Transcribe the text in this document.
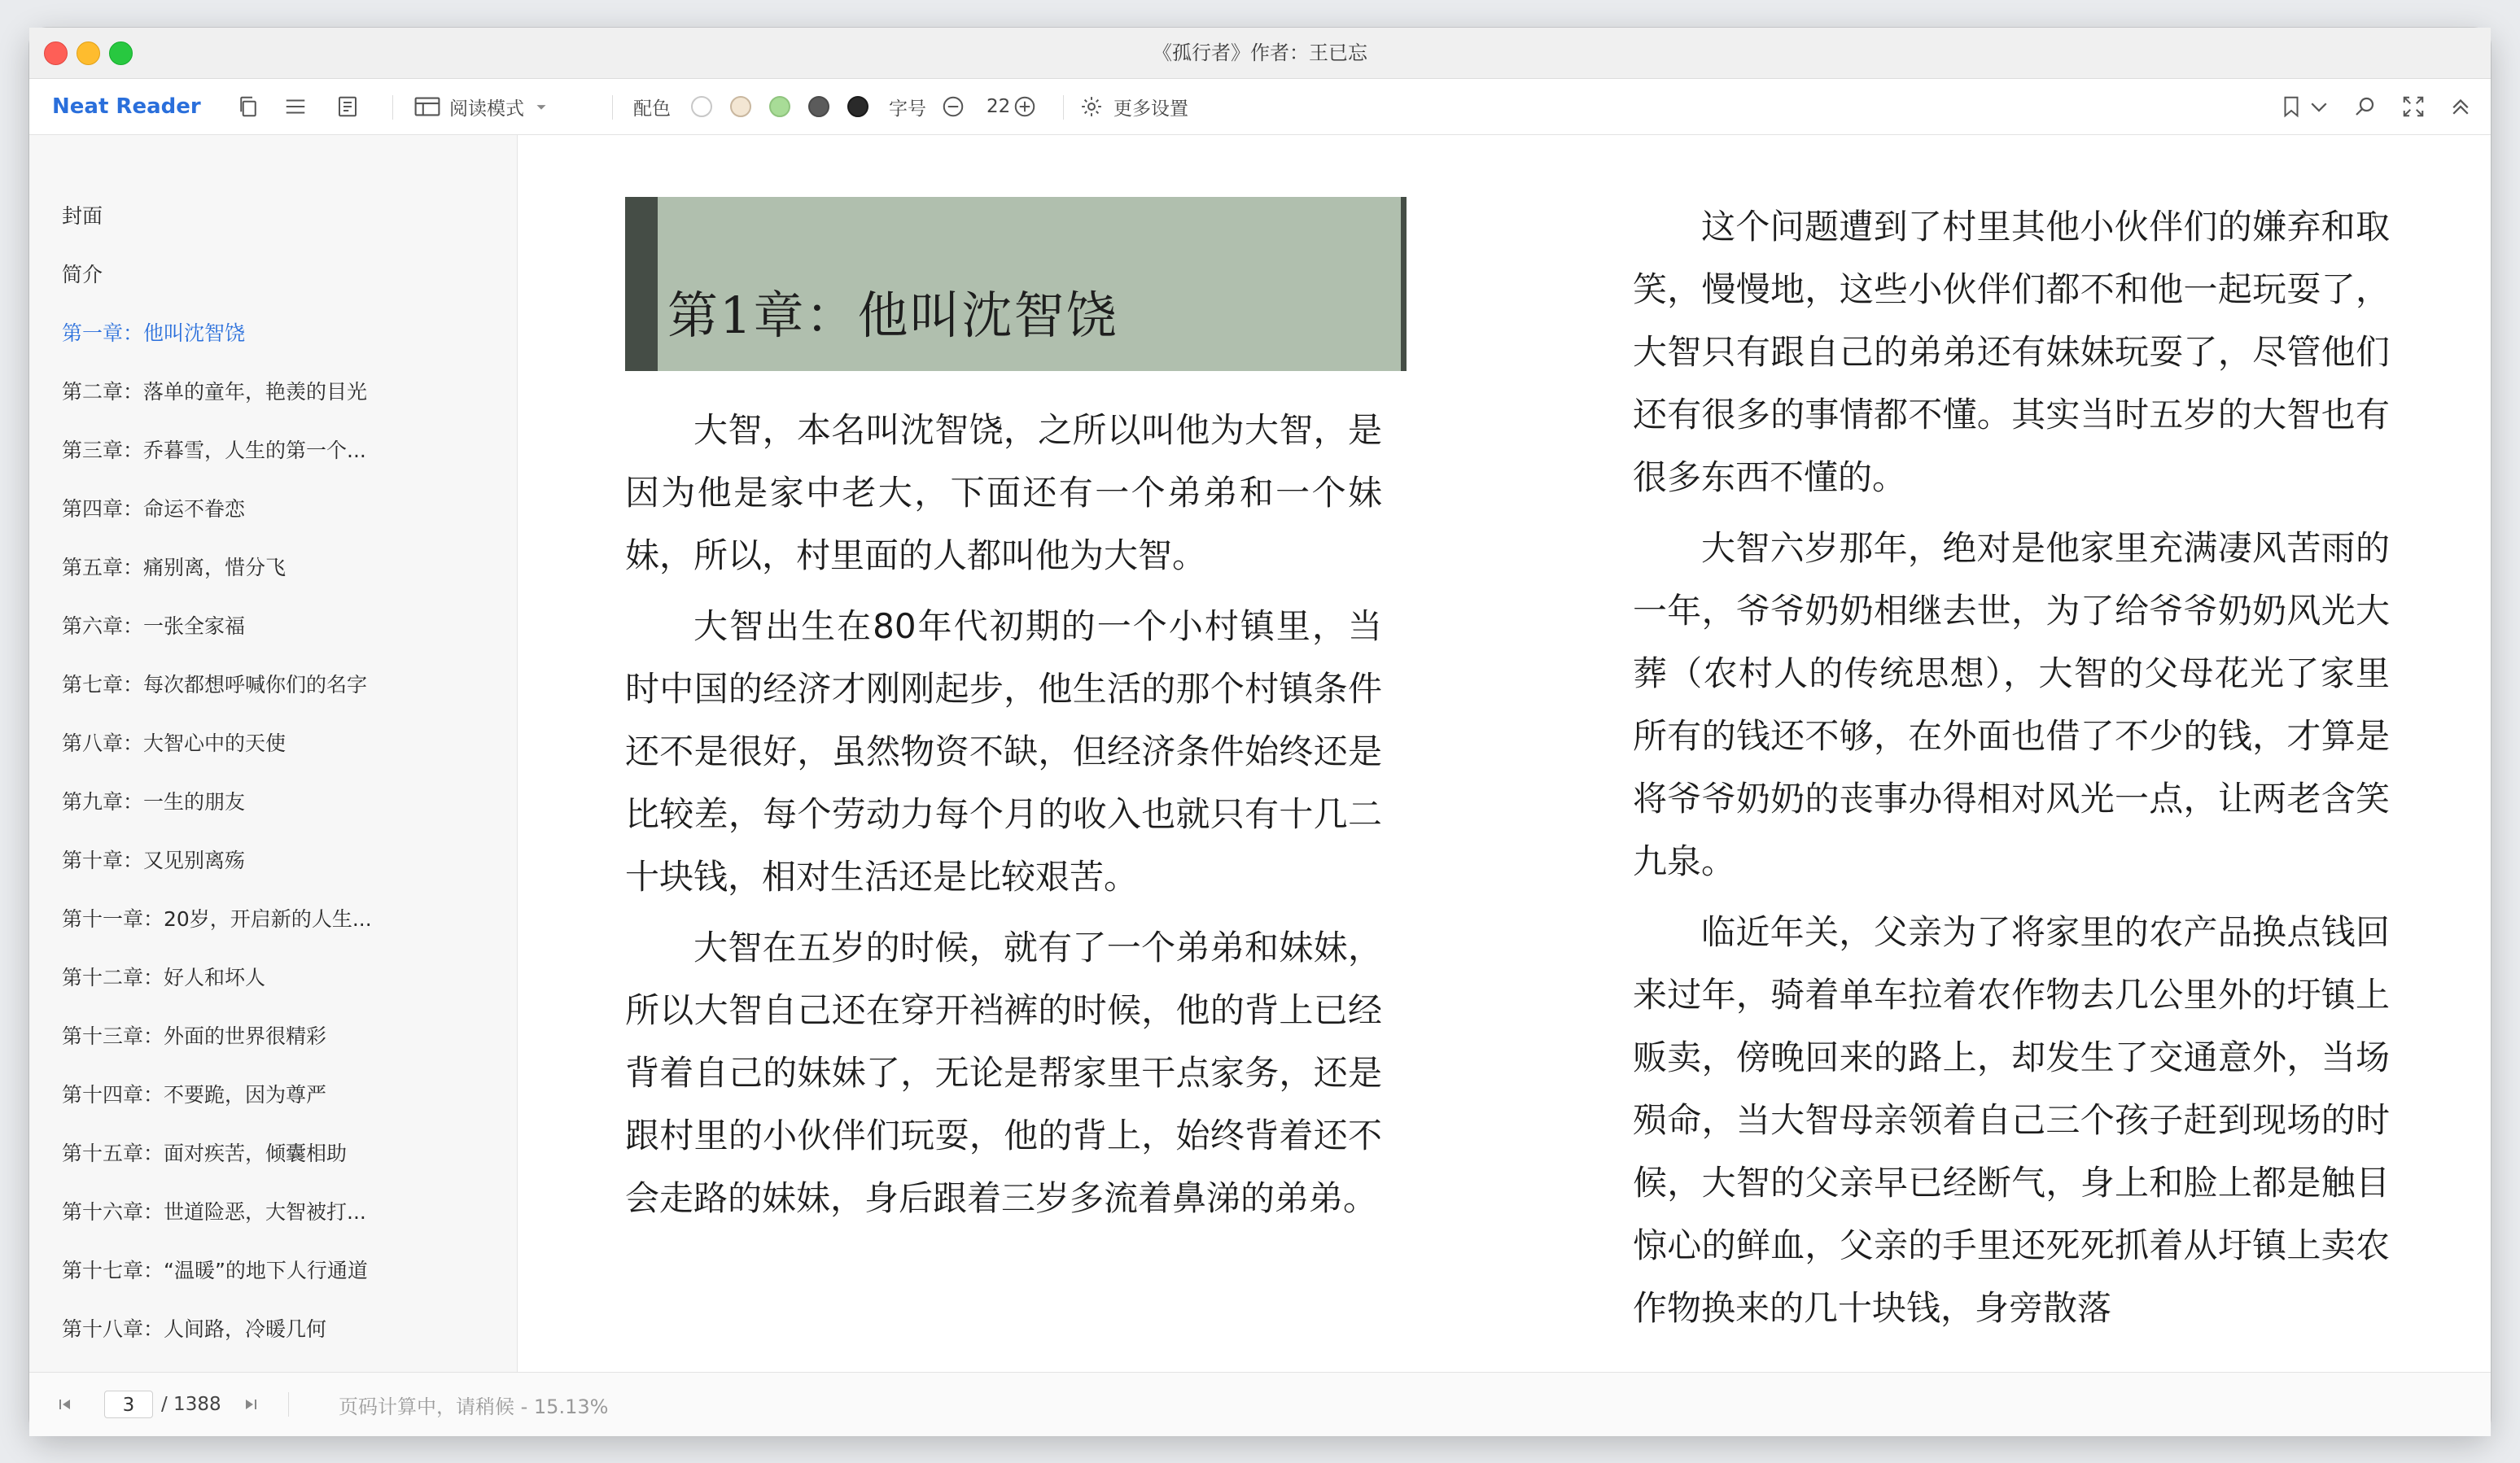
《孤行者》作者：王已忘
Neat Reader	阅读模式	配色	字号	22	更多设置
封面
简介
第一章：他叫沈智饶
第二章：落单的童年，艳羡的目光
第三章：乔暮雪，人生的第一个...
第四章：命运不眷恋
第五章：痛别离，惜分飞
第六章：一张全家福
第七章：每次都想呼喊你们的名字
第八章：大智心中的天使
第九章：一生的朋友
第十章：又见别离殇
第十一章：20岁，开启新的人生...
第十二章：好人和坏人
第十三章：外面的世界很精彩
第十四章：不要跪，因为尊严
第十五章：面对疾苦，倾囊相助
第十六章：世道险恶，大智被打...
第十七章：“温暖”的地下人行通道
第十八章：人间路，冷暖几何
第1章：他叫沈智饶

大智，本名叫沈智饶，之所以叫他为大智，是因为他是家中老大，下面还有一个弟弟和一个妹妹，所以，村里面的人都叫他为大智。

大智出生在80年代初期的一个小村镇里，当时中国的经济才刚刚起步，他生活的那个村镇条件还不是很好，虽然物资不缺，但经济条件始终还是比较差，每个劳动力每个月的收入也就只有十几二十块钱，相对生活还是比较艰苦。

大智在五岁的时候，就有了一个弟弟和妹妹，所以大智自己还在穿开裆裤的时候，他的背上已经背着自己的妹妹了，无论是帮家里干点家务，还是跟村里的小伙伴们玩耍，他的背上，始终背着还不会走路的妹妹，身后跟着三岁多流着鼻涕的弟弟。

这个问题遭到了村里其他小伙伴们的嫌弃和取笑，慢慢地，这些小伙伴们都不和他一起玩耍了，大智只有跟自己的弟弟还有妹妹玩耍了，尽管他们还有很多的事情都不懂。其实当时五岁的大智也有很多东西不懂的。

大智六岁那年，绝对是他家里充满凄风苦雨的一年，爷爷奶奶相继去世，为了给爷爷奶奶风光大葬（农村人的传统思想），大智的父母花光了家里所有的钱还不够，在外面也借了不少的钱，才算是将爷爷奶奶的丧事办得相对风光一点，让两老含笑九泉。

临近年关，父亲为了将家里的农产品换点钱回来过年，骑着单车拉着农作物去几公里外的圩镇上贩卖，傍晚回来的路上，却发生了交通意外，当场殒命，当大智母亲领着自己三个孩子赶到现场的时候，大智的父亲早已经断气，身上和脸上都是触目惊心的鲜血，父亲的手里还死死抓着从圩镇上卖农作物换来的几十块钱，身旁散落

3	/ 1388	页码计算中，请稍候 - 15.13%
